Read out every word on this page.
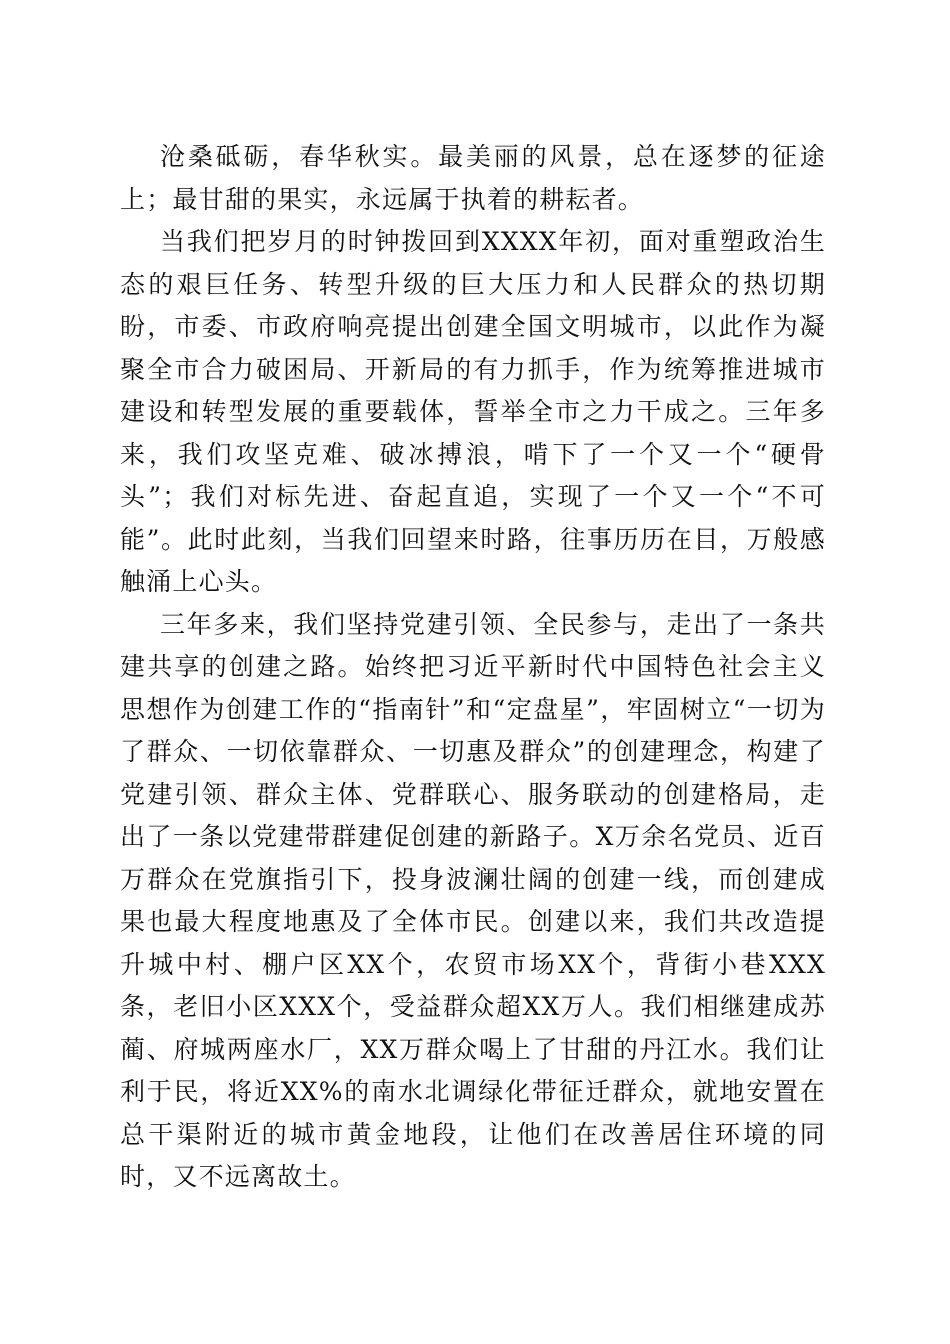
沧桑砥砺，春华秋实。最美丽的风景，总在逐梦的征途上；最甘甜的果实，永远属于执着的耕耘者。

当我们把岁月的时钟拨回到XXXX年初，面对重塑政治生态的艰巨任务、转型升级的巨大压力和人民群众的热切期盼，市委、市政府响亮提出创建全国文明城市，以此作为凝聚全市合力破困局、开新局的有力抓手，作为统筹推进城市建设和转型发展的重要载体，誓举全市之力干成之。三年多来，我们攻坚克难、破冰搏浪，啃下了一个又一个“硬骨头”；我们对标先进、奋起直追，实现了一个又一个“不可能”。此时此刻，当我们回望来时路，往事历历在目，万般感触涌上心头。

三年多来，我们坚持党建引领、全民参与，走出了一条共建共享的创建之路。始终把习近平新时代中国特色社会主义思想作为创建工作的“指南针”和“定盘星”，牢固树立“一切为了群众、一切依靠群众、一切惠及群众”的创建理念，构建了党建引领、群众主体、党群联心、服务联动的创建格局，走出了一条以党建带群建促创建的新路子。X万余名党员、近百万群众在党旗指引下，投身波澜壮阔的创建一线，而创建成果也最大程度地惠及了全体市民。创建以来，我们共改造提升城中村、棚户区XX个，农贸市场XX个，背街小巷XXX条，老旧小区XXX个，受益群众超XX万人。我们相继建成苏蔺、府城两座水厂，XX万群众喝上了甘甜的丹江水。我们让利于民，将近XX%的南水北调绿化带征迁群众，就地安置在总干渠附近的城市黄金地段，让他们在改善居住环境的同时，又不远离故土。
